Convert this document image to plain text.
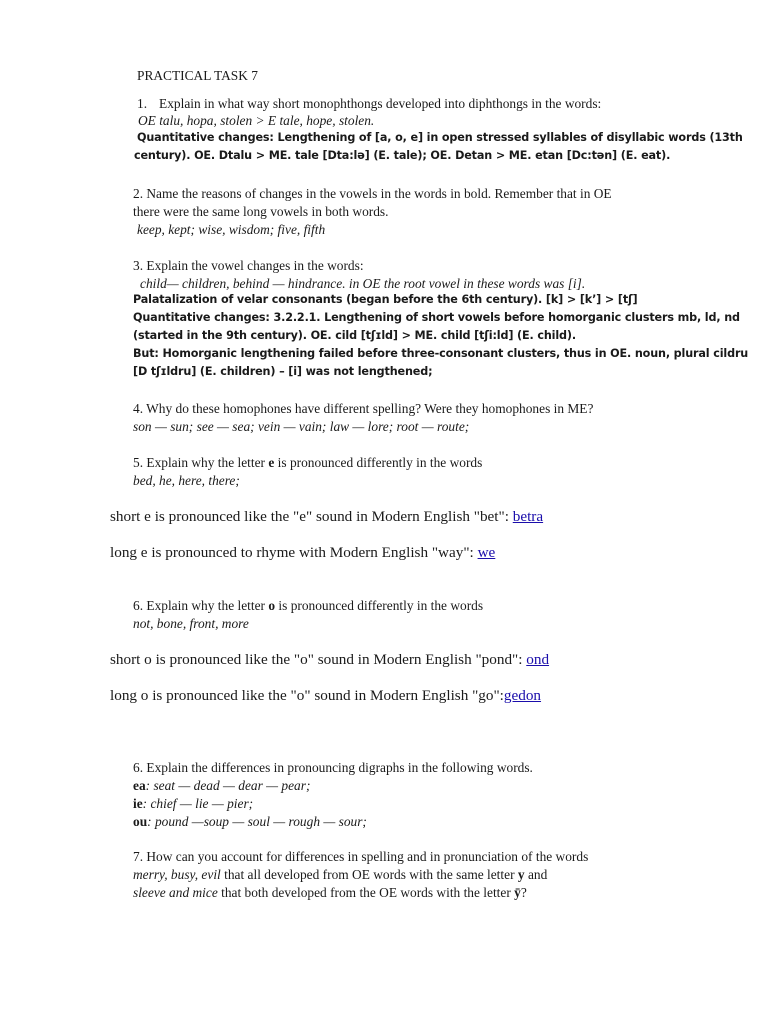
PRACTICAL TASK 7
1. Explain in what way short monophthongs developed into diphthongs in the words:
OE talu, hopa, stolen > E tale, hope, stolen.
Quantitative changes: Lengthening of [a, o, e] in open stressed syllables of disyllabic words (13th
century). OE. Dtalu > ME. tale [Dta:lə] (E. tale); OE. Detan > ME. etan [Dc:tən] (E. eat).
2. Name the reasons of changes in the vowels in the words in bold. Remember that in OE
there were the same long vowels in both words.
keep, kept; wise, wisdom; five, fifth
3. Explain the vowel changes in the words:
child— children, behind — hindrance. in OE the root vowel in these words was [i].
Palatalization of velar consonants (began before the 6th century). [k] > [k’] > [tʃ]
Quantitative changes: 3.2.2.1. Lengthening of short vowels before homorganic clusters mb, ld, nd
(started in the 9th century). OE. cild [tʃɪld] > ME. child [tʃi:ld] (E. child).
But: Homorganic lengthening failed before three-consonant clusters, thus in OE. noun, plural cildru
[D tʃɪldru] (E. children) – [i] was not lengthened;
4. Why do these homophones have different spelling? Were they homophones in ME?
son — sun; see — sea; vein — vain; law — lore; root — route;
5. Explain why the letter e is pronounced differently in the words
bed, he, here, there;
short e is pronounced like the "e" sound in Modern English "bet": betra
long e is pronounced to rhyme with Modern English "way": we
6. Explain why the letter o is pronounced differently in the words
not, bone, front, more
short o is pronounced like the "o" sound in Modern English "pond": ond
long o is pronounced like the "o" sound in Modern English "go":gedon
6. Explain the differences in pronouncing digraphs in the following words.
ea: seat — dead — dear — pear;
ie: chief — lie — pier;
ou: pound —soup — soul — rough — sour;
7. How can you account for differences in spelling and in pronunciation of the words
merry, busy, evil that all developed from OE words with the same letter y and
sleeve and mice that both developed from the OE words with the letter ȳ?
